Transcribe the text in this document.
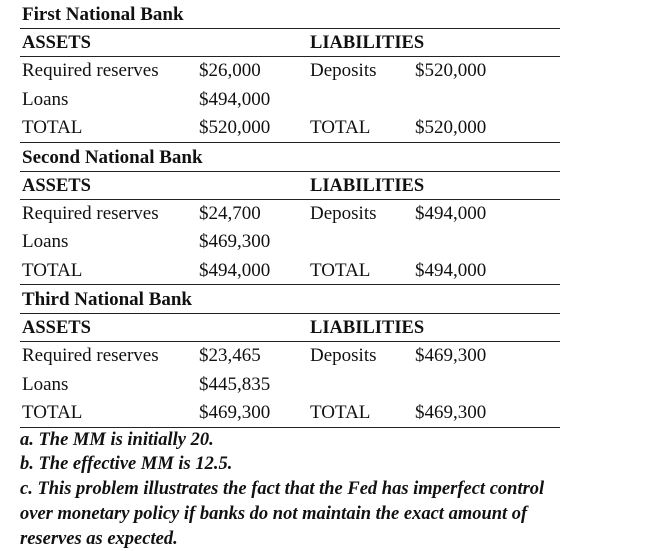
First National Bank
ASSETS	LIABILITIES
Required reserves $26,000	Deposits $520,000
Loans	$494,000
TOTAL	$520,000 TOTAL $520,000
Second National Bank
ASSETS	LIABILITIES
Required reserves $24,700	Deposits $494,000
Loans	$469,300
TOTAL	$494,000 TOTAL $494,000
Third National Bank
ASSETS	LIABILITIES
Required reserves $23,465	Deposits $469,300
Loans	$445,835
TOTAL	$469,300 TOTAL $469,300
a. The MM is initially 20.
b. The effective MM is 12.5.
c. This problem illustrates the fact that the Fed has imperfect control over monetary policy if banks do not maintain the exact amount of reserves as expected.
